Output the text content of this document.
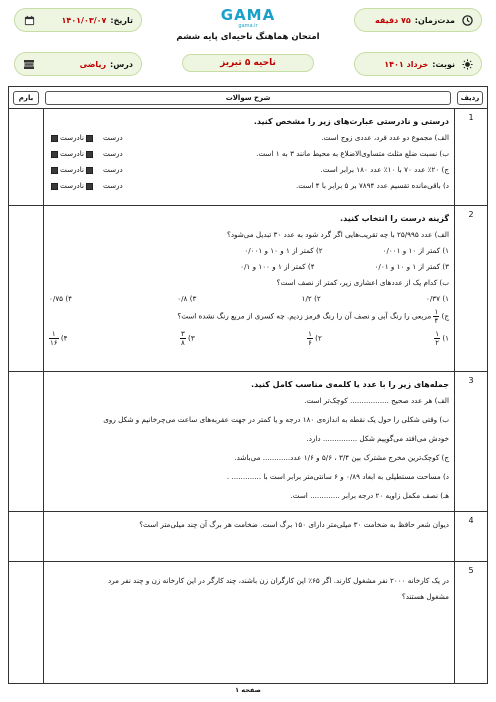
مدت‌زمان:
۷۵ دقیقه
تاریخ:
۱۴۰۱/۰۳/۰۷	GAMA
gama.ir
امتحان هماهنگ ناحیه‌ای پایه ششم
نوبت:
خرداد ۱۴۰۱
درس:
ریاضی	ناحیه ۵ تبریز
ردیف
شرح سوالات
بارم
1
درستی و نادرستی عبارت‌های زیر را مشخص کنید.
الف) مجموع دو عدد فرد، عددی زوج است.
درست
نادرست
ب) نسبت ضلع مثلث متساوی‌الاضلاع به محیط مانند ۳ به ۱ است.
درست
نادرست
ج) ۲۰٪ عدد ۷۰ با ۱۰٪ عدد ۱۸۰ برابر است.
درست
نادرست
د) باقی‌مانده تقسیم عدد ۷۸۹۴ بر ۵ برابر با ۴ است.
درست
نادرست
2
گزینه درست را انتخاب کنید.
الف) عدد ۲۵/۹۹۵ با چه تقریب‌هایی اگر گرد شود به عدد ۳۰ تبدیل می‌شود؟
۱) کمتر از ۱۰ و ۰/۰۰۱
۲) کمتر از ۱ و ۱۰ و ۰/۰۰۱
۳) کمتر از ۱ و ۱۰ و ۰/۰۱
۴) کمتر از ۱ و ۱۰۰ و ۰/۱
ب) کدام یک از عددهای اعشاری زیر، کمتر از نصف است؟
۱) ۰/۳۷
۲) ۱/۲
۳) ۰/۸
۴) ۰/۷۵
ج)
$\frac{۱}{۴}$
مربعی را رنگ آبی و نصف آن را رنگ قرمز زدیم. چه کسری از مربع رنگ نشده است؟
۱)
$\frac{۱}{۲}$
۲)
$\frac{۱}{۶}$
۳)
$\frac{۳}{۸}$
۴)
$\frac{۱}{۱۶}$
3
جمله‌های زیر را با عدد یا کلمه‌ی مناسب کامل کنید.
الف) هر عدد صحیح ................. کوچک‌تر است.
ب) وقتی شکلی را حول یک نقطه به اندازه‌ی ۱۸۰ درجه و یا کمتر در جهت عقربه‌های ساعت می‌چرخانیم و شکل روی
خودش می‌افتد می‌گوییم شکل ............... دارد.
ج) کوچک‌ترین مخرج مشترک بین ۳/۴ ، ۵/۶ و ۱/۶ عدد............ می‌باشد.
د) مساحت مستطیلی به ابعاد ۰/۸۹ و ۶ سانتی‌متر برابر است با ............. .
هـ) نصف مکمل زاویه ۲۰ درجه برابر ............. است.
4
دیوان شعر حافظ به ضخامت ۳۰ میلی‌متر دارای ۱۵۰ برگ است. ضخامت هر برگ آن چند میلی‌متر است؟
5
در یک کارخانه ۲۰۰۰ نفر مشغول کارند. اگر ۶۵٪ این کارگران زن باشند، چند کارگر در این کارخانه زن و چند نفر مرد
مشغول هستند؟
صفحه ۱
